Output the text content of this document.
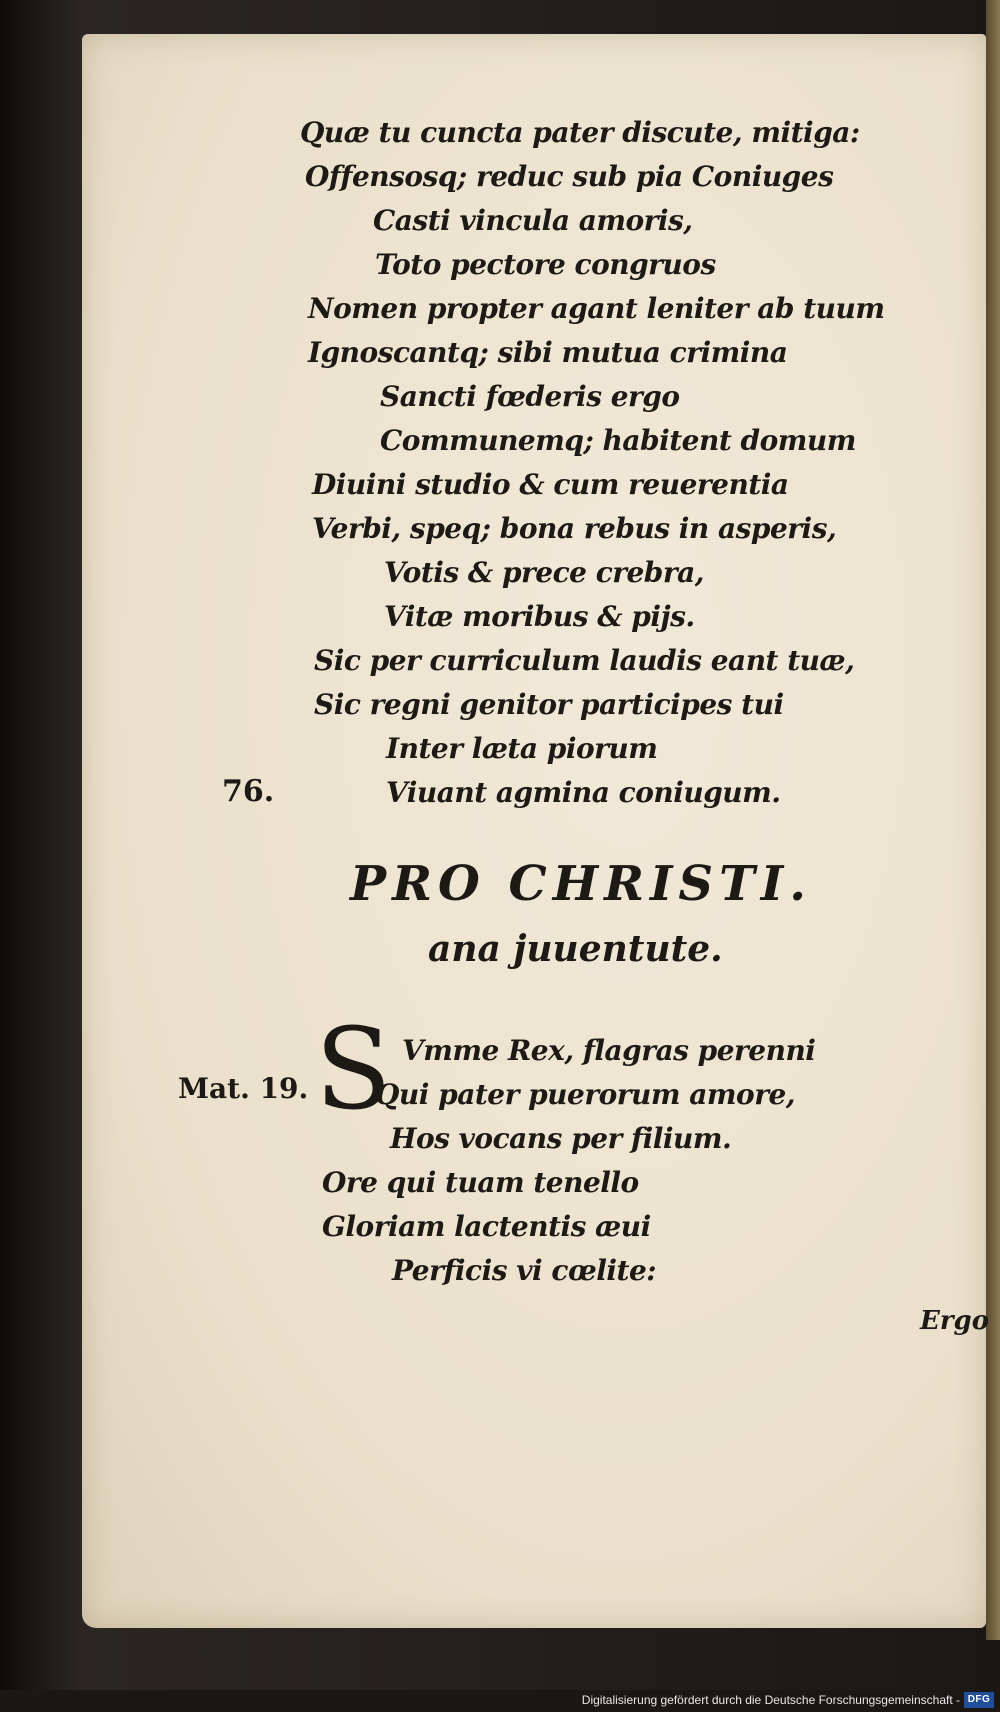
Quæ tu cuncta pater discute, mitiga:
Offensosq; reduc sub pia Coniuges
Casti vincula amoris,
Toto pectore congruos
Nomen propter agant leniter ab tuum
Ignoscantq; sibi mutua crimina
Sancti fœderis ergo
Communemq; habitent domum
Diuini studio & cum reuerentia
Verbi, speq; bona rebus in asperis,
Votis & prece crebra,
Vitæ moribus & pijs.
Sic per curriculum laudis eant tuæ,
Sic regni genitor participes tui
Inter læta piorum
Viuant agmina coniugum.
76.
PRO CHRISTI.
ana juuentute.
S
Mat. 19.
Vmme Rex, flagras perenni
Qui pater puerorum amore,
Hos vocans per filium.
Ore qui tuam tenello
Gloriam lactentis æui
Perficis vi cœlite:
Ergo
Digitalisierung gefördert durch die Deutsche Forschungsgemeinschaft - DFG
